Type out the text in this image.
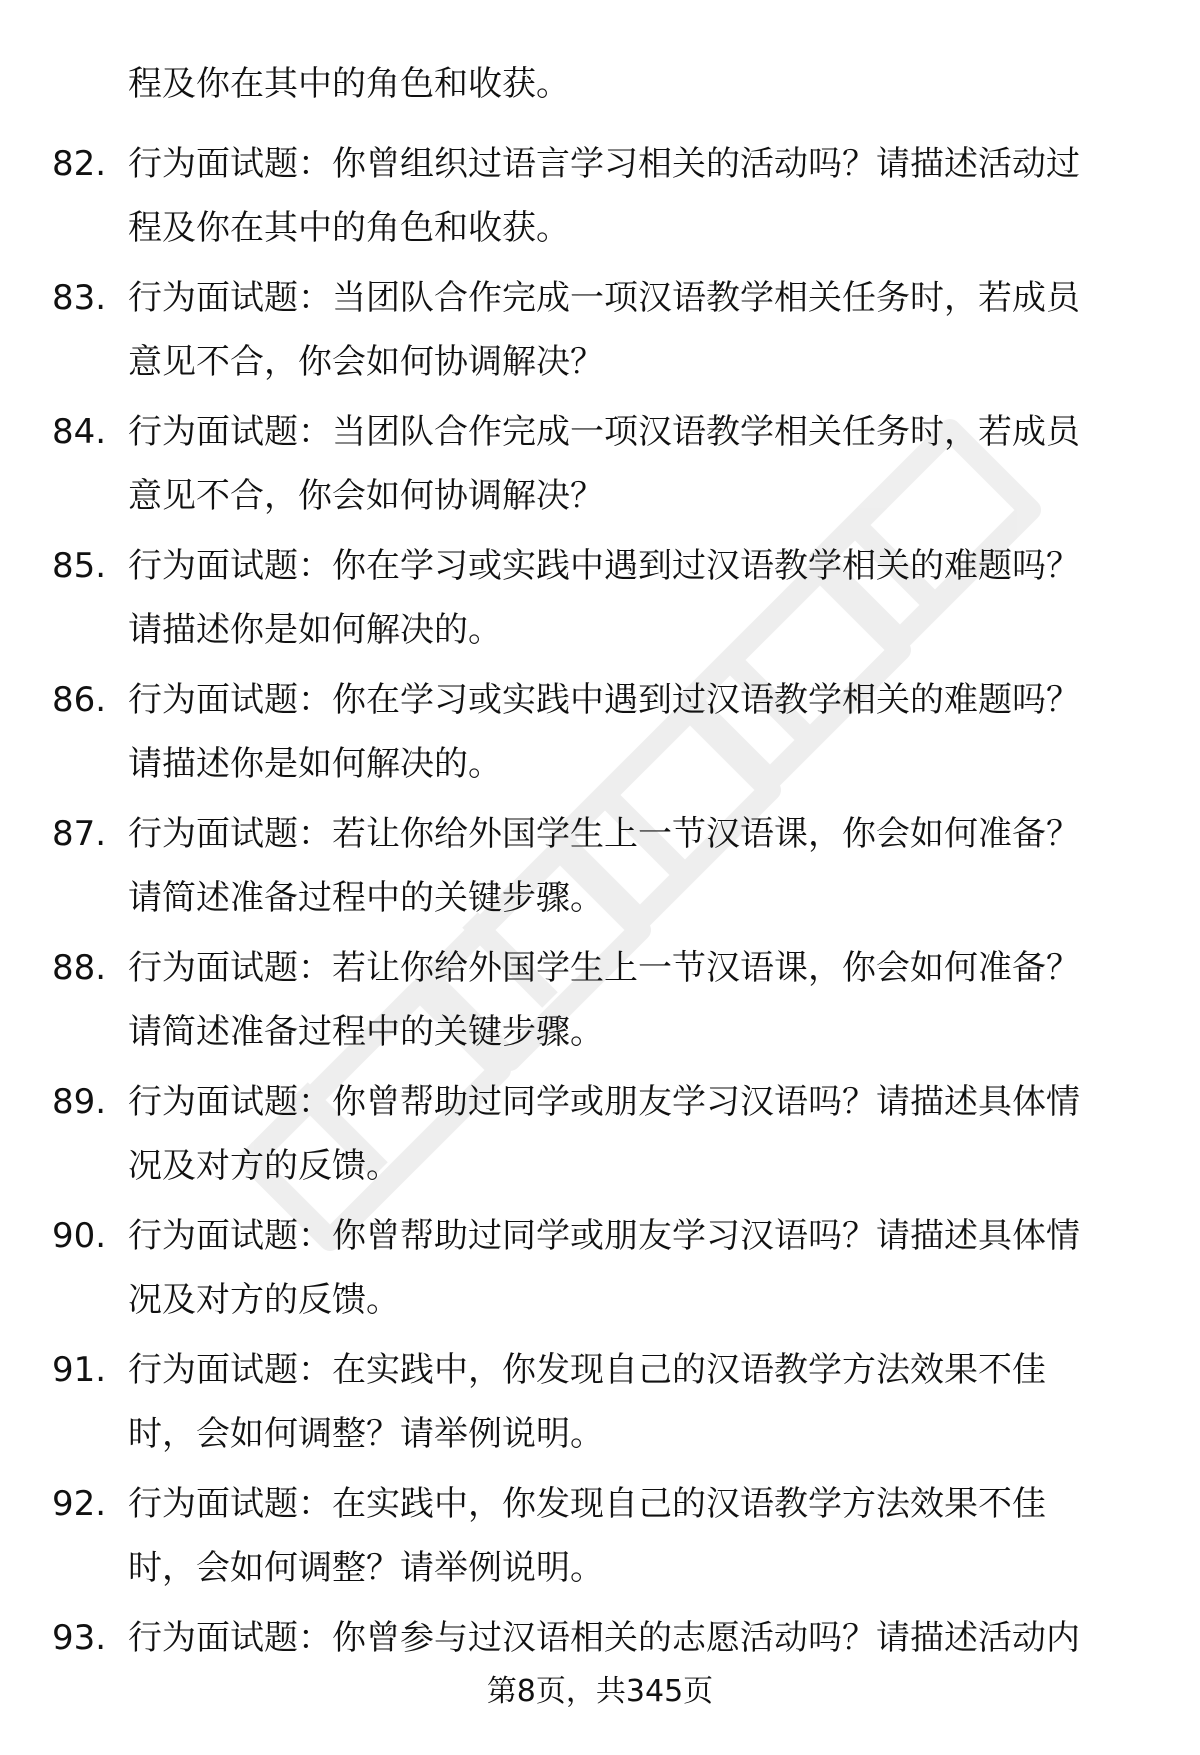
程及你在其中的角色和收获。
82. 行为面试题：你曾组织过语言学习相关的活动吗？请描述活动过
程及你在其中的角色和收获。
83. 行为面试题：当团队合作完成一项汉语教学相关任务时，若成员
意见不合，你会如何协调解决？
84. 行为面试题：当团队合作完成一项汉语教学相关任务时，若成员
意见不合，你会如何协调解决？
85. 行为面试题：你在学习或实践中遇到过汉语教学相关的难题吗？
请描述你是如何解决的。
86. 行为面试题：你在学习或实践中遇到过汉语教学相关的难题吗？
请描述你是如何解决的。
87. 行为面试题：若让你给外国学生上一节汉语课，你会如何准备？
请简述准备过程中的关键步骤。
88. 行为面试题：若让你给外国学生上一节汉语课，你会如何准备？
请简述准备过程中的关键步骤。
89. 行为面试题：你曾帮助过同学或朋友学习汉语吗？请描述具体情
况及对方的反馈。
90. 行为面试题：你曾帮助过同学或朋友学习汉语吗？请描述具体情
况及对方的反馈。
91. 行为面试题：在实践中，你发现自己的汉语教学方法效果不佳
时，会如何调整？请举例说明。
92. 行为面试题：在实践中，你发现自己的汉语教学方法效果不佳
时，会如何调整？请举例说明。
93. 行为面试题：你曾参与过汉语相关的志愿活动吗？请描述活动内
第8页，共345页
